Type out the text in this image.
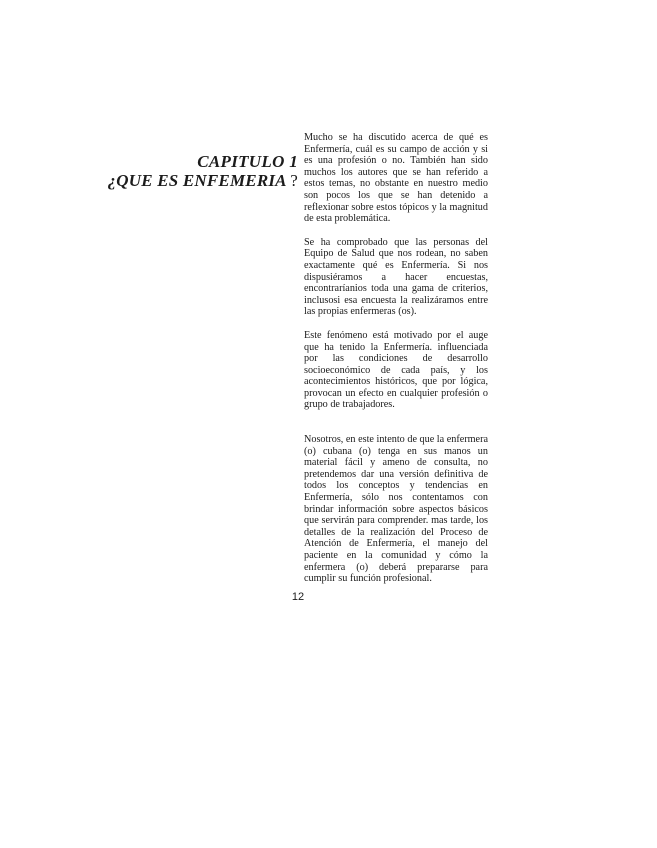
CAPITULO 1
¿QUE ES ENFEMERIA ?

Mucho se ha discutido acerca de qué es Enfermería, cuál es su campo de acción y si es una profesión o no. También han sido muchos los autores que se han referido a estos temas, no obstante en nuestro medio son pocos los que se han detenido a reflexionar sobre estos tópicos y la magnitud de esta problemática.

Se ha comprobado que las personas del Equipo de Salud que nos rodean, no saben exactamente qué es Enfermería. Si nos dispusiéramos a hacer encuestas, encontraríanios toda una gama de criterios, inclusosi esa encuesta la realizáramos entre las propias enfermeras (os).

Este fenómeno está motivado por el auge que ha tenido la Enfermería. influenciada por las condiciones de desarrollo socioeconómico de cada país, y los acontecimientos históricos, que por lógica, provocan un efecto en cualquier profesión o grupo de trabajadores.

Nosotros, en este intento de que la enfermera (o) cubana (o) tenga en sus manos un material fácil y ameno de consulta, no pretendemos dar una versión definitiva de todos los conceptos y tendencias en Enfermería, sólo nos contentamos con brindar información sobre aspectos básicos que servirán para comprender. mas tarde, los detalles de la realización del Proceso de Atención de Enfermería, el manejo del paciente en la comunidad y cómo la enfermera (o) deberá prepararse para cumplir su función profesional.

12
